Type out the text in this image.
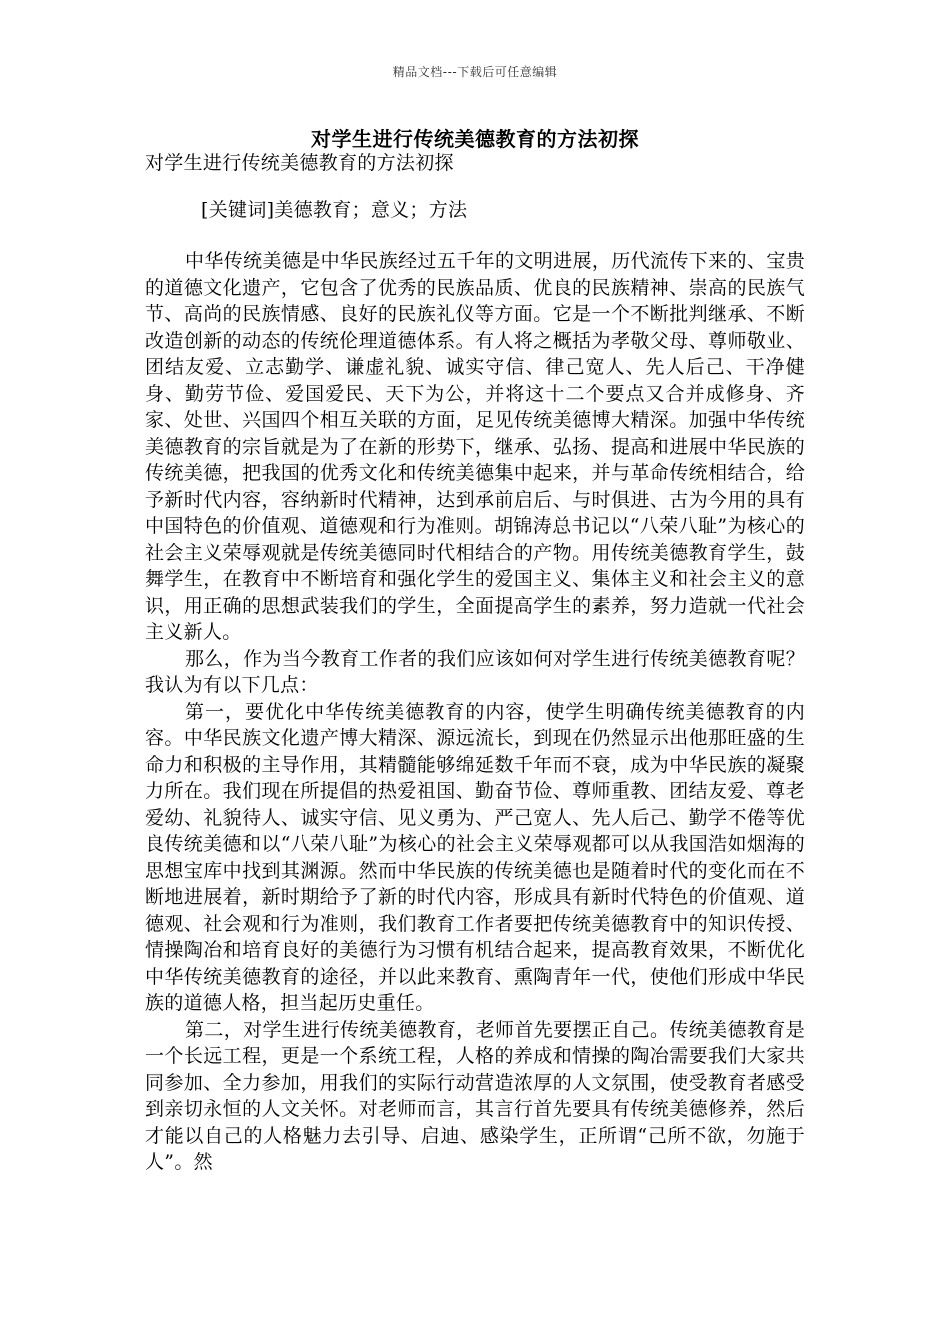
精品文档---下载后可任意编辑
对学生进行传统美德教育的方法初探

对学生进行传统美德教育的方法初探

[关键词]美德教育；意义；方法

中华传统美德是中华民族经过五千年的文明进展，历代流传下来的、宝贵的道德文化遗产，它包含了优秀的民族品质、优良的民族精神、崇高的民族气节、高尚的民族情感、良好的民族礼仪等方面。它是一个不断批判继承、不断改造创新的动态的传统伦理道德体系。有人将之概括为孝敬父母、尊师敬业、团结友爱、立志勤学、谦虚礼貌、诚实守信、律己宽人、先人后己、干净健身、勤劳节俭、爱国爱民、天下为公，并将这十二个要点又合并成修身、齐家、处世、兴国四个相互关联的方面，足见传统美德博大精深。加强中华传统美德教育的宗旨就是为了在新的形势下，继承、弘扬、提高和进展中华民族的传统美德，把我国的优秀文化和传统美德集中起来，并与革命传统相结合，给予新时代内容，容纳新时代精神，达到承前启后、与时俱进、古为今用的具有中国特色的价值观、道德观和行为准则。胡锦涛总书记以“八荣八耻”为核心的社会主义荣辱观就是传统美德同时代相结合的产物。用传统美德教育学生，鼓舞学生，在教育中不断培育和强化学生的爱国主义、集体主义和社会主义的意识，用正确的思想武装我们的学生，全面提高学生的素养，努力造就一代社会主义新人。

那么，作为当今教育工作者的我们应该如何对学生进行传统美德教育呢？ 我认为有以下几点：

第一，要优化中华传统美德教育的内容，使学生明确传统美德教育的内容。中华民族文化遗产博大精深、源远流长，到现在仍然显示出他那旺盛的生命力和积极的主导作用，其精髓能够绵延数千年而不衰，成为中华民族的凝聚力所在。我们现在所提倡的热爱祖国、勤奋节俭、尊师重教、团结友爱、尊老爱幼、礼貌待人、诚实守信、见义勇为、严己宽人、先人后己、勤学不倦等优良传统美德和以“八荣八耻”为核心的社会主义荣辱观都可以从我国浩如烟海的思想宝库中找到其渊源。然而中华民族的传统美德也是随着时代的变化而在不断地进展着，新时期给予了新的时代内容，形成具有新时代特色的价值观、道德观、社会观和行为准则，我们教育工作者要把传统美德教育中的知识传授、情操陶冶和培育良好的美德行为习惯有机结合起来，提高教育效果，不断优化中华传统美德教育的途径，并以此来教育、熏陶青年一代，使他们形成中华民族的道德人格，担当起历史重任。

第二，对学生进行传统美德教育，老师首先要摆正自己。传统美德教育是一个长远工程，更是一个系统工程，人格的养成和情操的陶冶需要我们大家共同参加、全力参加，用我们的实际行动营造浓厚的人文氛围，使受教育者感受到亲切永恒的人文关怀。对老师而言，其言行首先要具有传统美德修养，然后才能以自己的人格魅力去引导、启迪、感染学生，正所谓“己所不欲，勿施于人”。然
